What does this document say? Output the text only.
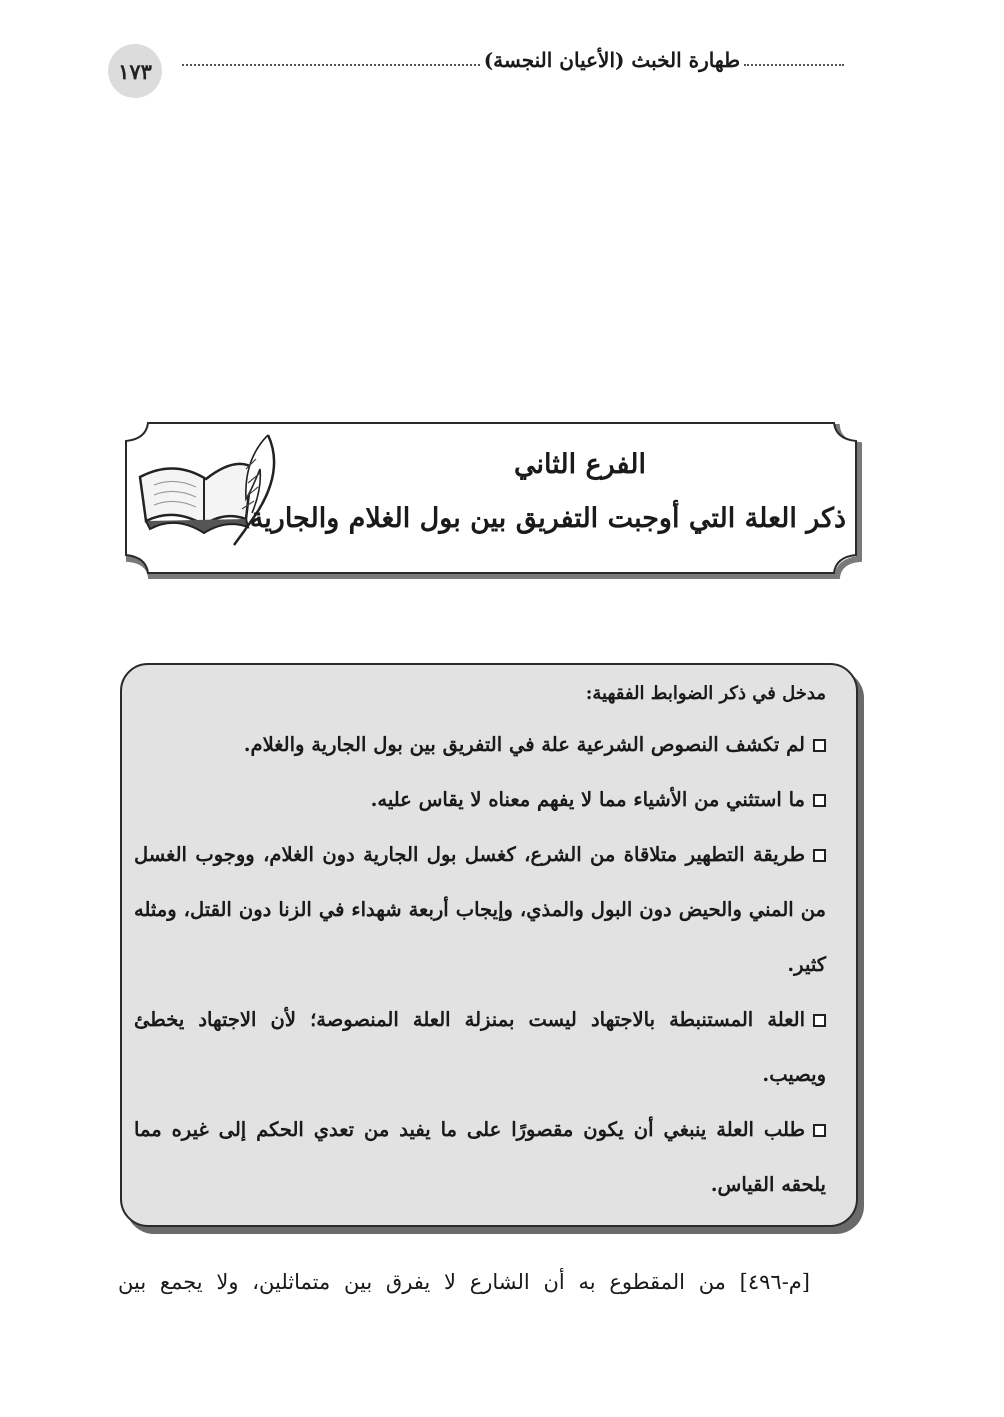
١٧٣	طهارة الخبث (الأعيان النجسة)
الفرع الثاني
ذكر العلة التي أوجبت التفريق بين بول الغلام والجارية
مدخل في ذكر الضوابط الفقهية:

لم تكشف النصوص الشرعية علة في التفريق بين بول الجارية والغلام.

ما استثني من الأشياء مما لا يفهم معناه لا يقاس عليه.

طريقة التطهير متلاقاة من الشرع، كغسل بول الجارية دون الغلام، ووجوب الغسل من المني والحيض دون البول والمذي، وإيجاب أربعة شهداء في الزنا دون القتل، ومثله كثير.

العلة المستنبطة بالاجتهاد ليست بمنزلة العلة المنصوصة؛ لأن الاجتهاد يخطئ ويصيب.

طلب العلة ينبغي أن يكون مقصورًا على ما يفيد من تعدي الحكم إلى غيره مما يلحقه القياس.

[م-٤٩٦] من المقطوع به أن الشارع لا يفرق بين متماثلين، ولا يجمع بين
